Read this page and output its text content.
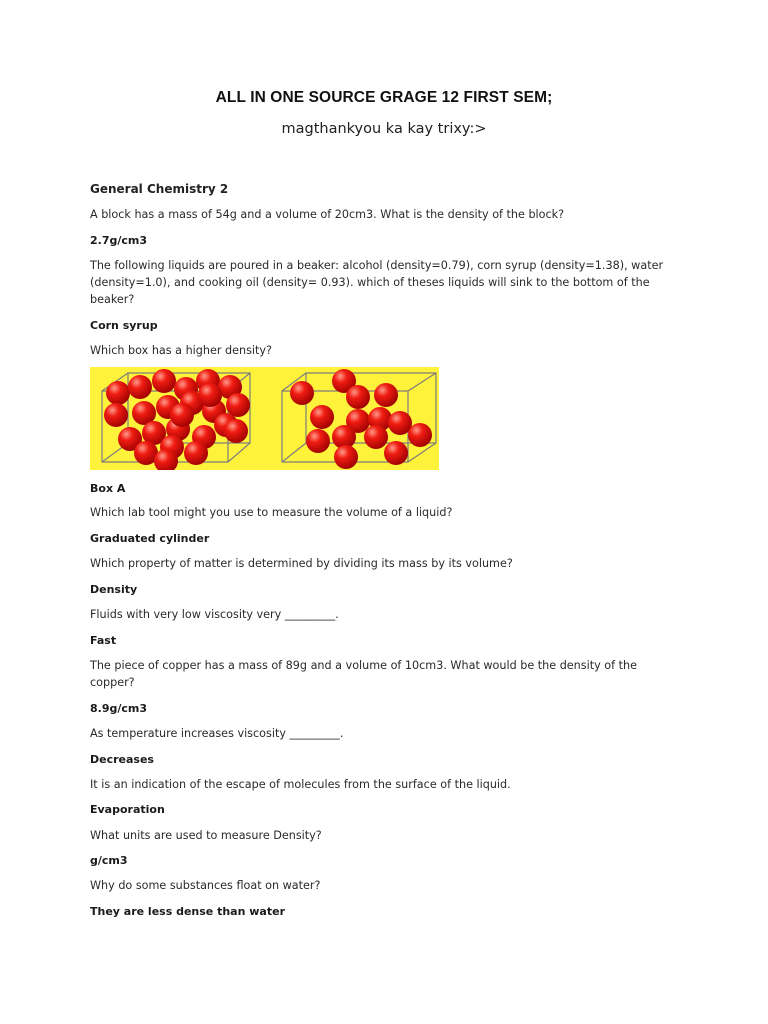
ALL IN ONE SOURCE GRAGE 12 FIRST SEM;

magthankyou ka kay trixy:>

General Chemistry 2

A block has a mass of 54g and a volume of 20cm3. What is the density of the block?

2.7g/cm3

The following liquids are poured in a beaker: alcohol (density=0.79), corn syrup (density=1.38), water (density=1.0), and cooking oil (density= 0.93). which of theses liquids will sink to the bottom of the beaker?

Corn syrup

Which box has a higher density?

Box A

Which lab tool might you use to measure the volume of a liquid?

Graduated cylinder

Which property of matter is determined by dividing its mass by its volume?

Density

Fluids with very low viscosity very _________.

Fast

The piece of copper has a mass of 89g and a volume of 10cm3. What would be the density of the copper?

8.9g/cm3

As temperature increases viscosity _________.

Decreases

It is an indication of the escape of molecules from the surface of the liquid.

Evaporation

What units are used to measure Density?

g/cm3

Why do some substances float on water?

They are less dense than water
